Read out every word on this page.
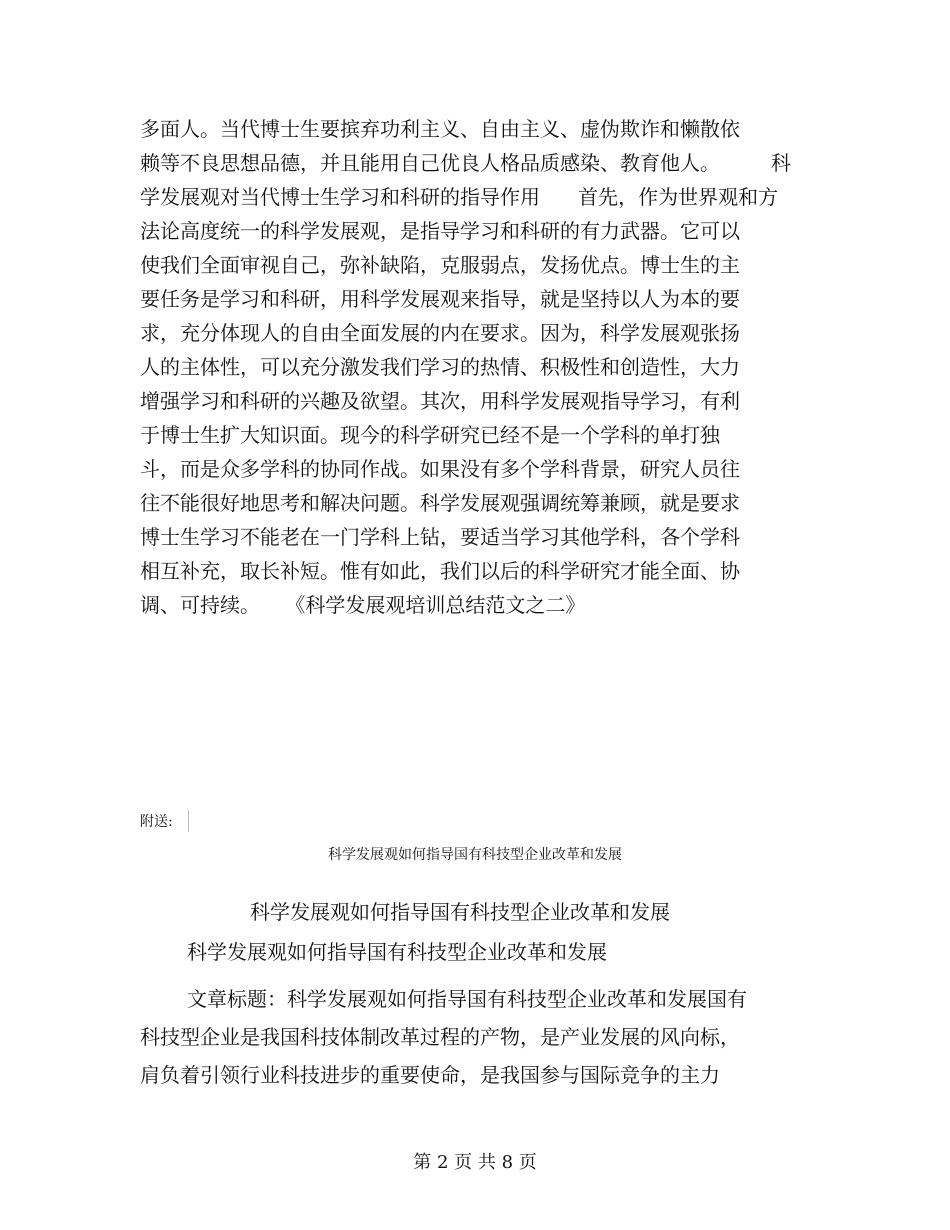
多面人。当代博士生要摈弃功利主义、自由主义、虚伪欺诈和懒散依
赖等不良思想品德，并且能用自己优良人格品质感染、教育他人。        科
学发展观对当代博士生学习和科研的指导作用      首先，作为世界观和方
法论高度统一的科学发展观，是指导学习和科研的有力武器。它可以
使我们全面审视自己，弥补缺陷，克服弱点，发扬优点。博士生的主
要任务是学习和科研，用科学发展观来指导，就是坚持以人为本的要
求，充分体现人的自由全面发展的内在要求。因为，科学发展观张扬
人的主体性，可以充分激发我们学习的热情、积极性和创造性，大力
增强学习和科研的兴趣及欲望。其次，用科学发展观指导学习，有利
于博士生扩大知识面。现今的科学研究已经不是一个学科的单打独
斗，而是众多学科的协同作战。如果没有多个学科背景，研究人员往
往不能很好地思考和解决问题。科学发展观强调统筹兼顾，就是要求
博士生学习不能老在一门学科上钻，要适当学习其他学科，各个学科
相互补充，取长补短。惟有如此，我们以后的科学研究才能全面、协
调、可持续。    《科学发展观培训总结范文之二》
附送:
科学发展观如何指导国有科技型企业改革和发展
科学发展观如何指导国有科技型企业改革和发展
科学发展观如何指导国有科技型企业改革和发展
文章标题：科学发展观如何指导国有科技型企业改革和发展国有
科技型企业是我国科技体制改革过程的产物，是产业发展的风向标，
肩负着引领行业科技进步的重要使命，是我国参与国际竞争的主力
第 2 页 共 8 页
